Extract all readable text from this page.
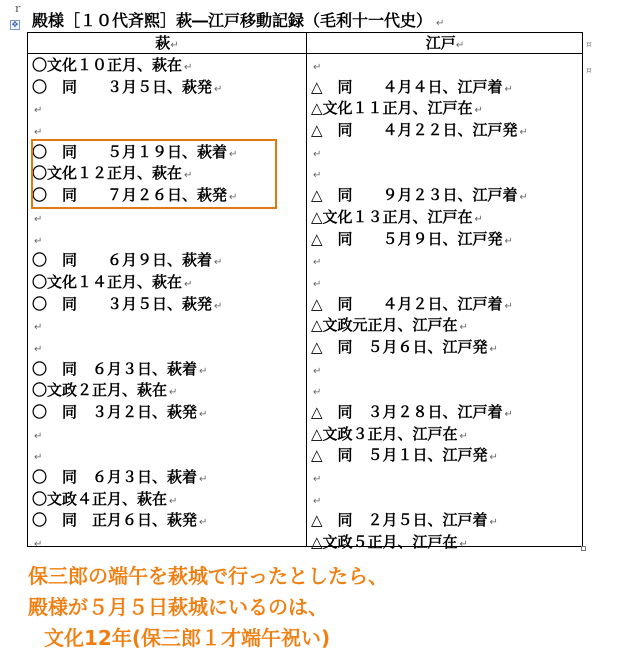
ｒ
✥ 殿様［１０代斉熙］萩―江戸移動記録（毛利十一代史） ↵
萩↵	江戸↵
〇文化１０正月、萩在 ↵
〇　同　　３月５日、萩発 ↵
↵
↵
〇　同　　５月１９日、萩着 ↵
〇文化１２正月、萩在 ↵
〇　同　　７月２６日、萩発 ↵
↵
↵
〇　同　　６月９日、萩着 ↵
〇文化１４正月、萩在 ↵
〇　同　　３月５日、萩発 ↵
↵
↵
〇　同　６月３日、萩着 ↵
〇文政２正月、萩在 ↵
〇　同　３月２日、萩発 ↵
↵
↵
〇　同　６月３日、萩着 ↵
〇文政４正月、萩在 ↵
〇　同　正月６日、萩発 ↵
↵
↵
△　同　　４月４日、江戸着 ↵
△文化１１正月、江戸在 ↵
△　同　　４月２２日、江戸発 ↵
↵
↵
△　同　　９月２３日、江戸着 ↵
△文化１３正月、江戸在 ↵
△　同　　５月９日、江戸発 ↵
↵
↵
△　同　　４月２日、江戸着 ↵
△文政元正月、江戸在 ↵
△　同　５月６日、江戸発 ↵
↵
↵
△　同　３月２８日、江戸着 ↵
△文政３正月、江戸在 ↵
△　同　５月１日、江戸発 ↵
↵
↵
△　同　２月５日、江戸着 ↵
△文政５正月、江戸在 ↵
¤
¤
保三郎の端午を萩城で行ったとしたら、
殿様が５月５日萩城にいるのは、
文化12年(保三郎１才端午祝い)
